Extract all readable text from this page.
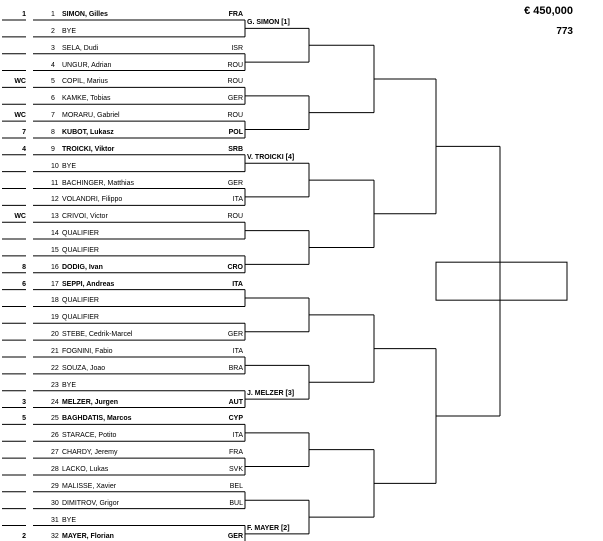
€ 450,000
773
1	1 SIMON, Gilles	FRA
2 BYE
3 SELA, Dudi	ISR
4 UNGUR, Adrian	ROU
WC	5 COPIL, Marius	ROU
6 KAMKE, Tobias	GER
WC	7 MORARU, Gabriel	ROU
7	8 KUBOT, Lukasz	POL
4	9 TROICKI, Viktor	SRB
10 BYE
11 BACHINGER, Matthias	GER
12 VOLANDRI, Filippo	ITA
WC	13 CRIVOI, Victor	ROU
14 QUALIFIER
15 QUALIFIER
8	16 DODIG, Ivan	CRO
6	17 SEPPI, Andreas	ITA
18 QUALIFIER
19 QUALIFIER
20 STEBE, Cedrik-Marcel	GER
21 FOGNINI, Fabio	ITA
22 SOUZA, Joao	BRA
23 BYE
3	24 MELZER, Jurgen	AUT
5	25 BAGHDATIS, Marcos	CYP
26 STARACE, Potito	ITA
27 CHARDY, Jeremy	FRA
28 LACKO, Lukas	SVK
29 MALISSE, Xavier	BEL
30 DIMITROV, Grigor	BUL
31 BYE
2	32 MAYER, Florian	GER
G. SIMON [1]
V. TROICKI [4]
J. MELZER [3]
F. MAYER [2]
